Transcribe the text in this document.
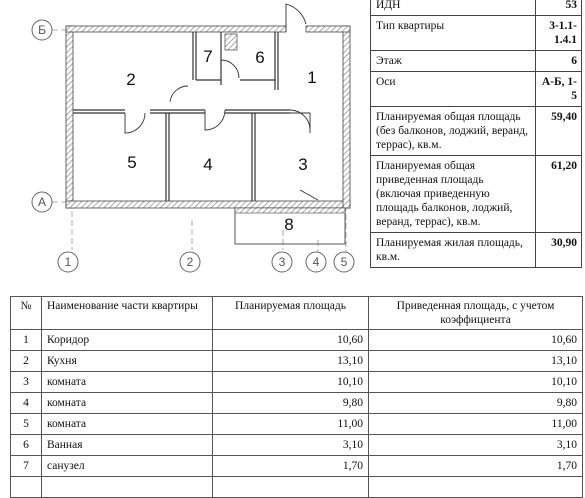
Б
А
1	2	3 4 5
1
2
3
4
5
6
7
8
ИДН	53
Тип квартиры	3-1.1-1.4.1
Этаж	6
Оси	А-Б, 1-5
Планируемая общая площадь (без балконов, лоджий, веранд, террас), кв.м.	59,40
Планируемая общая приведенная площадь (включая приведенную площадь балконов, лоджий, веранд, террас), кв.м.	61,20
Планируемая жилая площадь, кв.м.	30,90
№	Наименование части квартиры	Планируемая площадь	Приведенная площадь, с учетом коэффициента
1	Коридор	10,60	10,60
2	Кухня	13,10	13,10
3	комната	10,10	10,10
4	комната	9,80	9,80
5	комната	11,00	11,00
6	Ванная	3,10	3,10
7	санузел	1,70	1,70
